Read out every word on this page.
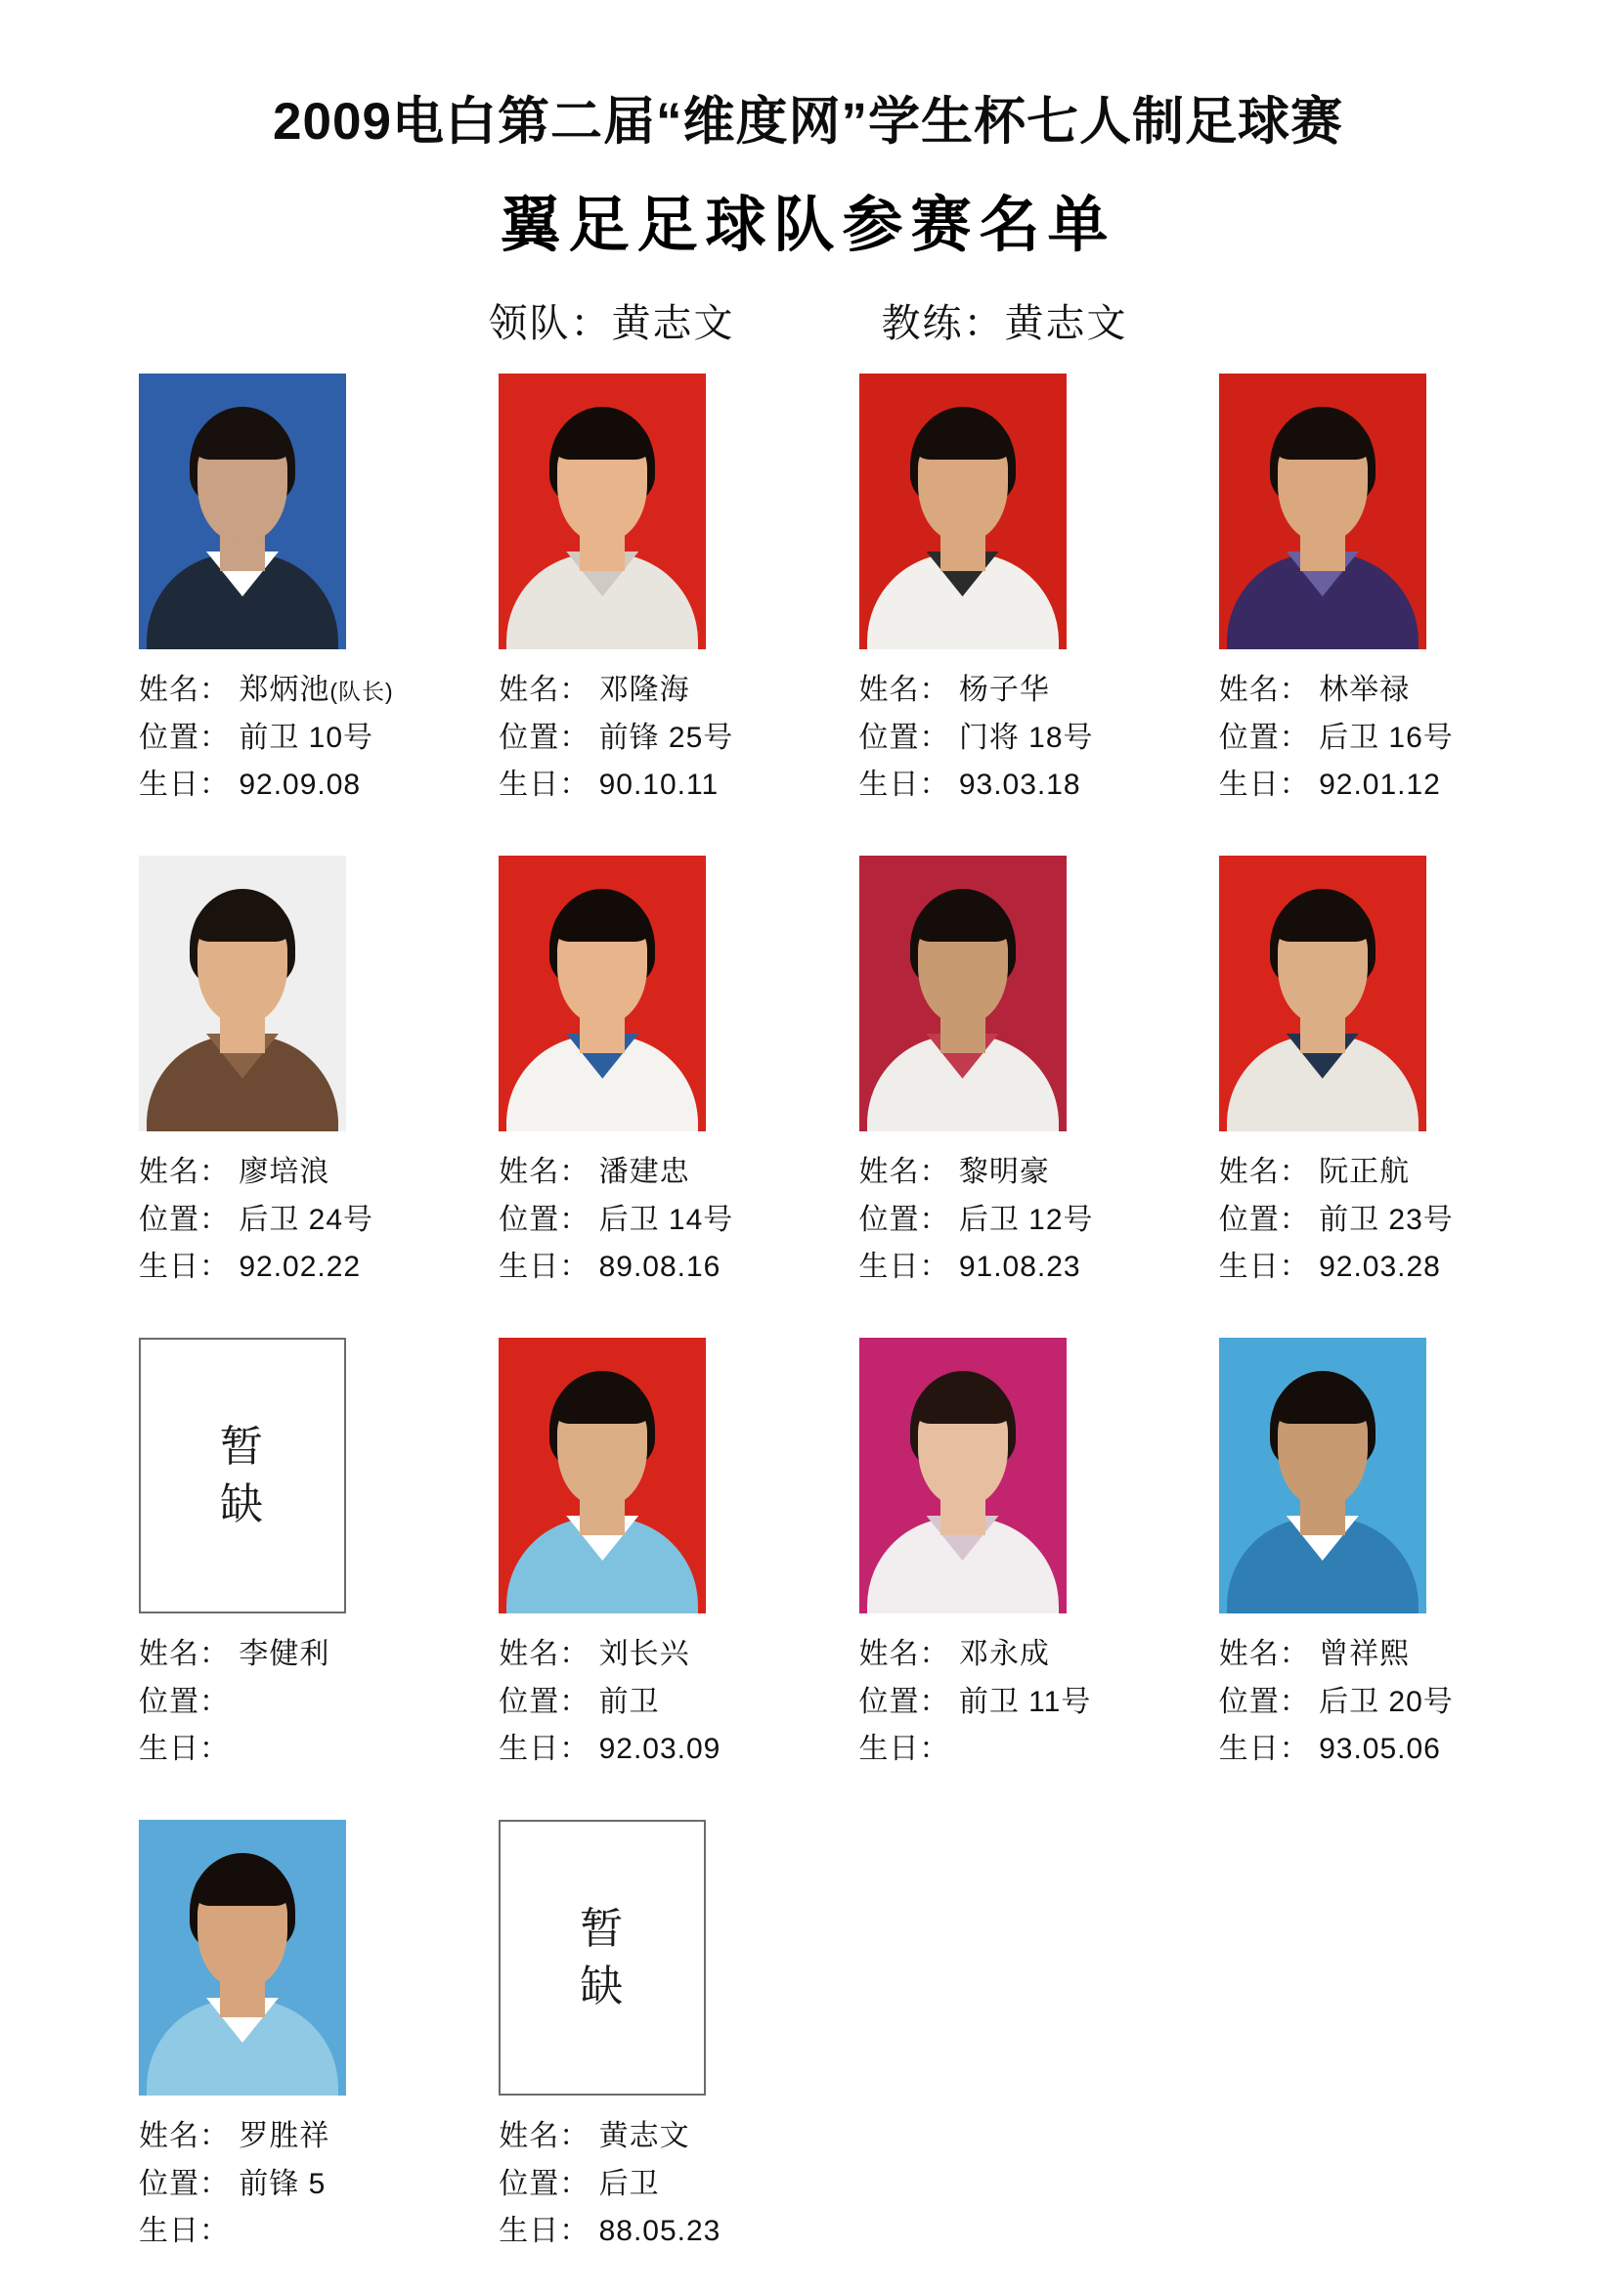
2009电白第二届“维度网”学生杯七人制足球赛
翼足足球队参赛名单
领队：黄志文	教练：黄志文
姓名： 郑炳池(队长)
位置： 前卫 10号
生日： 92.09.08
姓名： 邓隆海
位置： 前锋 25号
生日： 90.10.11
姓名： 杨子华
位置： 门将 18号
生日： 93.03.18
姓名： 林举禄
位置： 后卫 16号
生日： 92.01.12
姓名： 廖培浪
位置： 后卫 24号
生日： 92.02.22
姓名： 潘建忠
位置： 后卫 14号
生日： 89.08.16
姓名： 黎明豪
位置： 后卫 12号
生日： 91.08.23
姓名： 阮正航
位置： 前卫 23号
生日： 92.03.28
暂缺
姓名： 李健利
位置：
生日：
姓名： 刘长兴
位置： 前卫
生日： 92.03.09
姓名： 邓永成
位置： 前卫 11号
生日：
姓名： 曾祥熙
位置： 后卫 20号
生日： 93.05.06
姓名： 罗胜祥
位置： 前锋 5
生日：
暂缺
姓名： 黄志文
位置： 后卫
生日： 88.05.23
